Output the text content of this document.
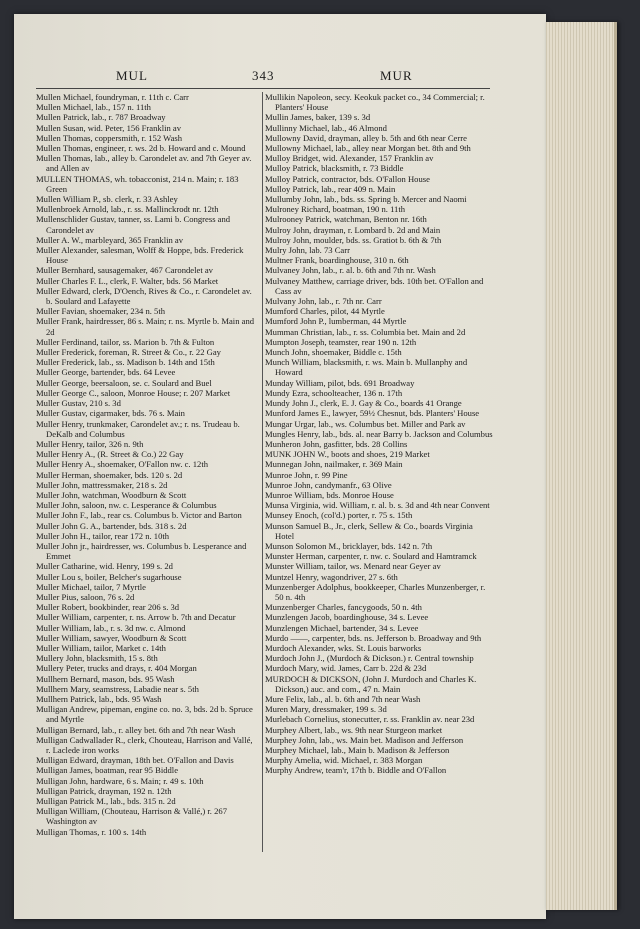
MUL	343	MUR

Mullen Michael, foundryman, r. 11th c. Carr

Mullen Michael, lab., 157 n. 11th

Mullen Patrick, lab., r. 787 Broadway

Mullen Susan, wid. Peter, 156 Franklin av

Mullen Thomas, coppersmith, r. 152 Wash

Mullen Thomas, engineer, r. ws. 2d b. Howard and c. Mound

Mullen Thomas, lab., alley b. Carondelet av. and 7th Geyer av. and Allen av

MULLEN THOMAS, wh. tobacconist, 214 n. Main; r. 183 Green

Mullen William P., sb. clerk, r. 33 Ashley

Mullenbroek Arnold, lab., r. ss. Mallinckrodt nr. 12th

Mullenschlider Gustav, tanner, ss. Lami b. Congress and Carondelet av

Muller A. W., marbleyard, 365 Franklin av

Muller Alexander, salesman, Wolff & Hoppe, bds. Frederick House

Muller Bernhard, sausagemaker, 467 Carondelet av

Muller Charles F. L., clerk, F. Walter, bds. 56 Market

Muller Edward, clerk, D'Oench, Rives & Co., r. Carondelet av. b. Soulard and Lafayette

Muller Favian, shoemaker, 234 n. 5th

Muller Frank, hairdresser, 86 s. Main; r. ns. Myrtle b. Main and 2d

Muller Ferdinand, tailor, ss. Marion b. 7th & Fulton

Muller Frederick, foreman, R. Street & Co., r. 22 Gay

Muller Frederick, lab., ss. Madison b. 14th and 15th

Muller George, bartender, bds. 64 Levee

Muller George, beersaloon, se. c. Soulard and Buel

Muller George C., saloon, Monroe House; r. 207 Market

Muller Gustav, 210 s. 3d

Muller Gustav, cigarmaker, bds. 76 s. Main

Muller Henry, trunkmaker, Carondelet av.; r. ns. Trudeau b. DeKalb and Columbus

Muller Henry, tailor, 326 n. 9th

Muller Henry A., (R. Street & Co.) 22 Gay

Muller Henry A., shoemaker, O'Fallon nw. c. 12th

Muller Herman, shoemaker, bds. 120 s. 2d

Muller John, mattressmaker, 218 s. 2d

Muller John, watchman, Woodburn & Scott

Muller John, saloon, nw. c. Lesperance & Columbus

Muller John F., lab., rear cs. Columbus b. Victor and Barton

Muller John G. A., bartender, bds. 318 s. 2d

Muller John H., tailor, rear 172 n. 10th

Muller John jr., hairdresser, ws. Columbus b. Lesperance and Emmet

Muller Catharine, wid. Henry, 199 s. 2d

Muller Lou s, boiler, Belcher's sugarhouse

Muller Michael, tailor, 7 Myrtle

Muller Pius, saloon, 76 s. 2d

Muller Robert, bookbinder, rear 206 s. 3d

Muller William, carpenter, r. ns. Arrow b. 7th and Decatur

Muller William, lab., r. s. 3d nw. c. Almond

Muller William, sawyer, Woodburn & Scott

Muller William, tailor, Market c. 14th

Mullery John, blacksmith, 15 s. 8th

Mullery Peter, trucks and drays, r. 404 Morgan

Mullhern Bernard, mason, bds. 95 Wash

Mullhern Mary, seamstress, Labadie near s. 5th

Mullhern Patrick, lab., bds. 95 Wash

Mulligan Andrew, pipeman, engine co. no. 3, bds. 2d b. Spruce and Myrtle

Mulligan Bernard, lab., r. alley bet. 6th and 7th near Wash

Mulligan Cadwallader R., clerk, Chouteau, Harrison and Vallé, r. Laclede iron works

Mulligan Edward, drayman, 18th bet. O'Fallon and Davis

Mulligan James, boatman, rear 95 Biddle

Mulligan John, hardware, 6 s. Main; r. 49 s. 10th

Mulligan Patrick, drayman, 192 n. 12th

Mulligan Patrick M., lab., bds. 315 n. 2d

Mulligan William, (Chouteau, Harrison & Vallé,) r. 267 Washington av

Mulligan Thomas, r. 100 s. 14th

Mullikin Napoleon, secy. Keokuk packet co., 34 Commercial; r. Planters' House

Mullin James, baker, 139 s. 3d

Mullinny Michael, lab., 46 Almond

Mullowny David, drayman, alley b. 5th and 6th near Cerre

Mullowny Michael, lab., alley near Morgan bet. 8th and 9th

Mulloy Bridget, wid. Alexander, 157 Franklin av

Mulloy Patrick, blacksmith, r. 73 Biddle

Mulloy Patrick, contractor, bds. O'Fallon House

Mulloy Patrick, lab., rear 409 n. Main

Mullumby John, lab., bds. ss. Spring b. Mercer and Naomi

Mulroney Richard, boatman, 190 n. 11th

Mulrooney Patrick, watchman, Benton nr. 16th

Mulroy John, drayman, r. Lombard b. 2d and Main

Mulroy John, moulder, bds. ss. Gratiot b. 6th & 7th

Mulry John, lab. 73 Carr

Multner Frank, boardinghouse, 310 n. 6th

Mulvaney John, lab., r. al. b. 6th and 7th nr. Wash

Mulvaney Matthew, carriage driver, bds. 10th bet. O'Fallon and Cass av

Mulvany John, lab., r. 7th nr. Carr

Mumford Charles, pilot, 44 Myrtle

Mumford John P., lumberman, 44 Myrtle

Mumman Christian, lab., r. ss. Columbia bet. Main and 2d

Mumpton Joseph, teamster, rear 190 n. 12th

Munch John, shoemaker, Biddle c. 15th

Munch William, blacksmith, r. ws. Main b. Mullanphy and Howard

Munday William, pilot, bds. 691 Broadway

Mundy Ezra, schoolteacher, 136 n. 17th

Mundy John J., clerk, E. J. Gay & Co., boards 41 Orange

Munford James E., lawyer, 59½ Chesnut, bds. Planters' House

Mungar Urgar, lab., ws. Columbus bet. Miller and Park av

Mungles Henry, lab., bds. al. near Barry b. Jackson and Columbus

Munheron John, gasfitter, bds. 28 Collins

MUNK JOHN W., boots and shoes, 219 Market

Munnegan John, nailmaker, r. 369 Main

Munroe John, r. 99 Pine

Munroe John, candymanfr., 63 Olive

Munroe William, bds. Monroe House

Munsa Virginia, wid. William, r. al. b. s. 3d and 4th near Convent

Munsey Enoch, (col'd.) porter, r. 75 s. 15th

Munson Samuel B., Jr., clerk, Sellew & Co., boards Virginia Hotel

Munson Solomon M., bricklayer, bds. 142 n. 7th

Munster Herman, carpenter, r. nw. c. Soulard and Hamtramck

Munster William, tailor, ws. Menard near Geyer av

Muntzel Henry, wagondriver, 27 s. 6th

Munzenberger Adolphus, bookkeeper, Charles Munzenberger, r. 50 n. 4th

Munzenberger Charles, fancygoods, 50 n. 4th

Munzlengen Jacob, boardinghouse, 34 s. Levee

Munzlengen Michael, bartender, 34 s. Levee

Murdo ——, carpenter, bds. ns. Jefferson b. Broadway and 9th

Murdoch Alexander, wks. St. Louis barworks

Murdoch John J., (Murdoch & Dickson.) r. Central township

Murdoch Mary, wid. James, Carr b. 22d & 23d

MURDOCH & DICKSON, (John J. Murdoch and Charles K. Dickson,) auc. and com., 47 n. Main

Mure Felix, lab., al. b. 6th and 7th near Wash

Muren Mary, dressmaker, 199 s. 3d

Murlebach Cornelius, stonecutter, r. ss. Franklin av. near 23d

Murphey Albert, lab., ws. 9th near Sturgeon market

Murphey John, lab., ws. Main bet. Madison and Jefferson

Murphey Michael, lab., Main b. Madison & Jefferson

Murphy Amelia, wid. Michael, r. 383 Morgan

Murphy Andrew, team'r, 17th b. Biddle and O'Fallon
